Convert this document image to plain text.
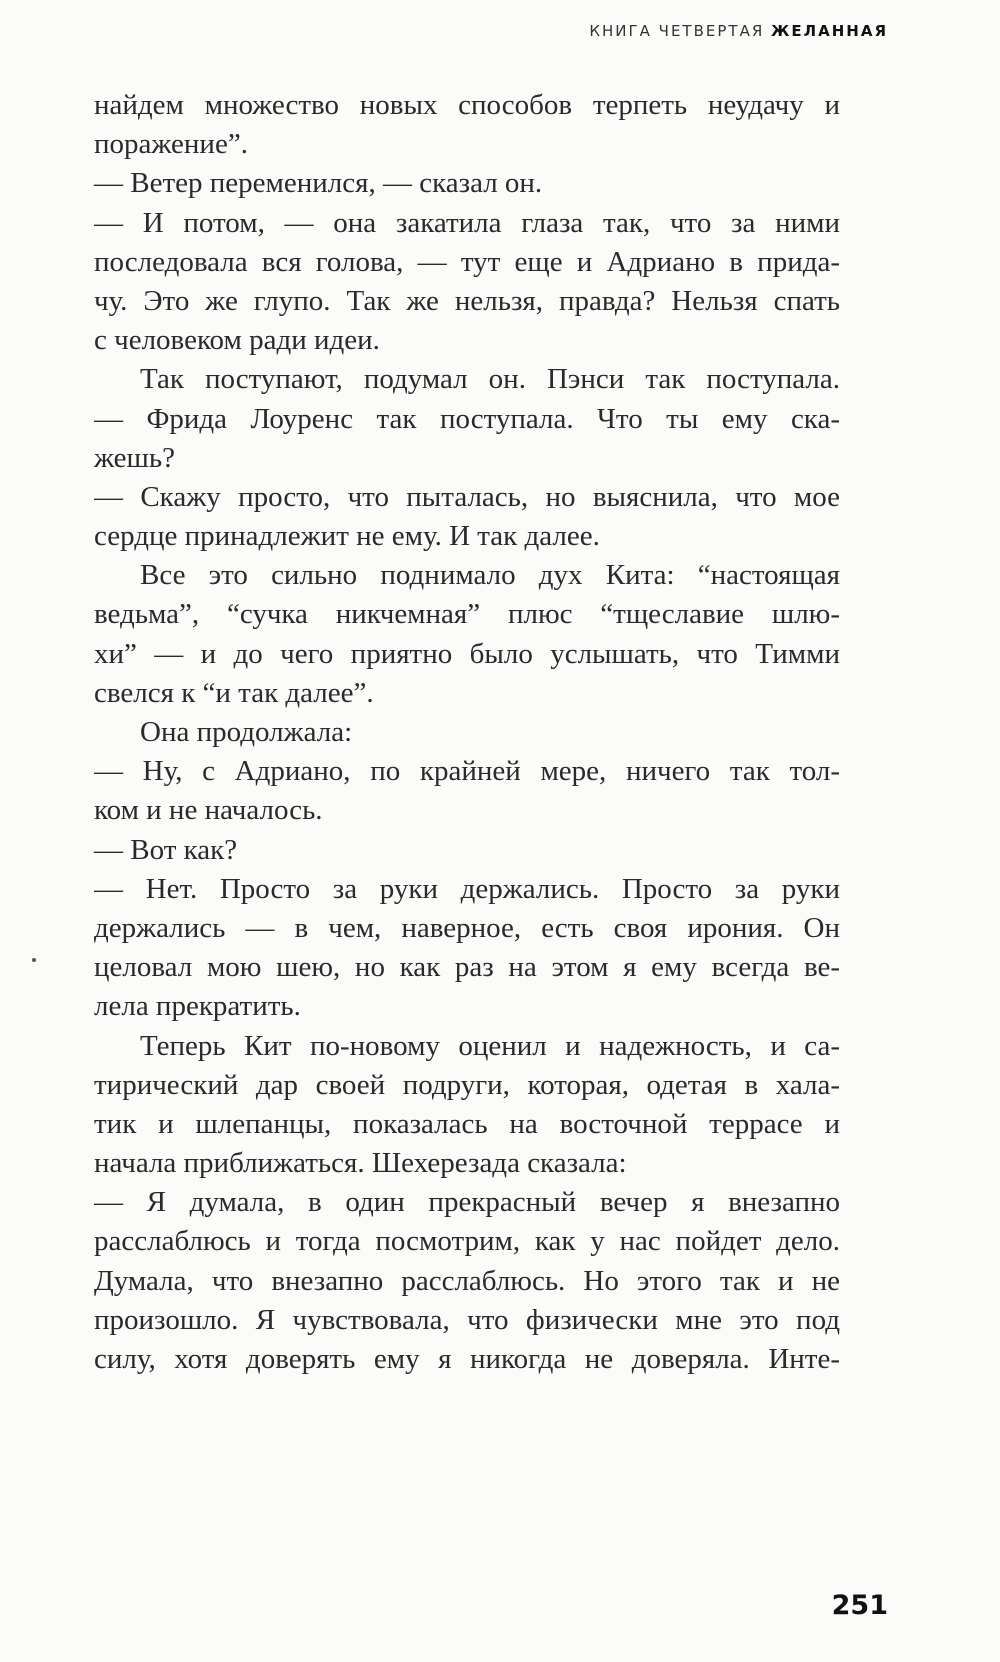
КНИГА ЧЕТВЕРТАЯ ЖЕЛАННАЯ
найдем множество новых способов терпеть неудачу и
поражение”.
— Ветер переменился, — сказал он.
— И потом, — она закатила глаза так, что за ними
последовала вся голова, — тут еще и Адриано в прида-
чу. Это же глупо. Так же нельзя, правда? Нельзя спать
с человеком ради идеи.
Так поступают, подумал он. Пэнси так поступала.
— Фрида Лоуренс так поступала. Что ты ему ска-
жешь?
— Скажу просто, что пыталась, но выяснила, что мое
сердце принадлежит не ему. И так далее.
Все это сильно поднимало дух Кита: “настоящая
ведьма”, “сучка никчемная” плюс “тщеславие шлю-
хи” — и до чего приятно было услышать, что Тимми
свелся к “и так далее”.
Она продолжала:
— Ну, с Адриано, по крайней мере, ничего так тол-
ком и не началось.
— Вот как?
— Нет. Просто за руки держались. Просто за руки
держались — в чем, наверное, есть своя ирония. Он
целовал мою шею, но как раз на этом я ему всегда ве-
лела прекратить.
Теперь Кит по-новому оценил и надежность, и са-
тирический дар своей подруги, которая, одетая в хала-
тик и шлепанцы, показалась на восточной террасе и
начала приближаться. Шехерезада сказала:
— Я думала, в один прекрасный вечер я внезапно
расслаблюсь и тогда посмотрим, как у нас пойдет дело.
Думала, что внезапно расслаблюсь. Но этого так и не
произошло. Я чувствовала, что физически мне это под
силу, хотя доверять ему я никогда не доверяла. Инте-
251
